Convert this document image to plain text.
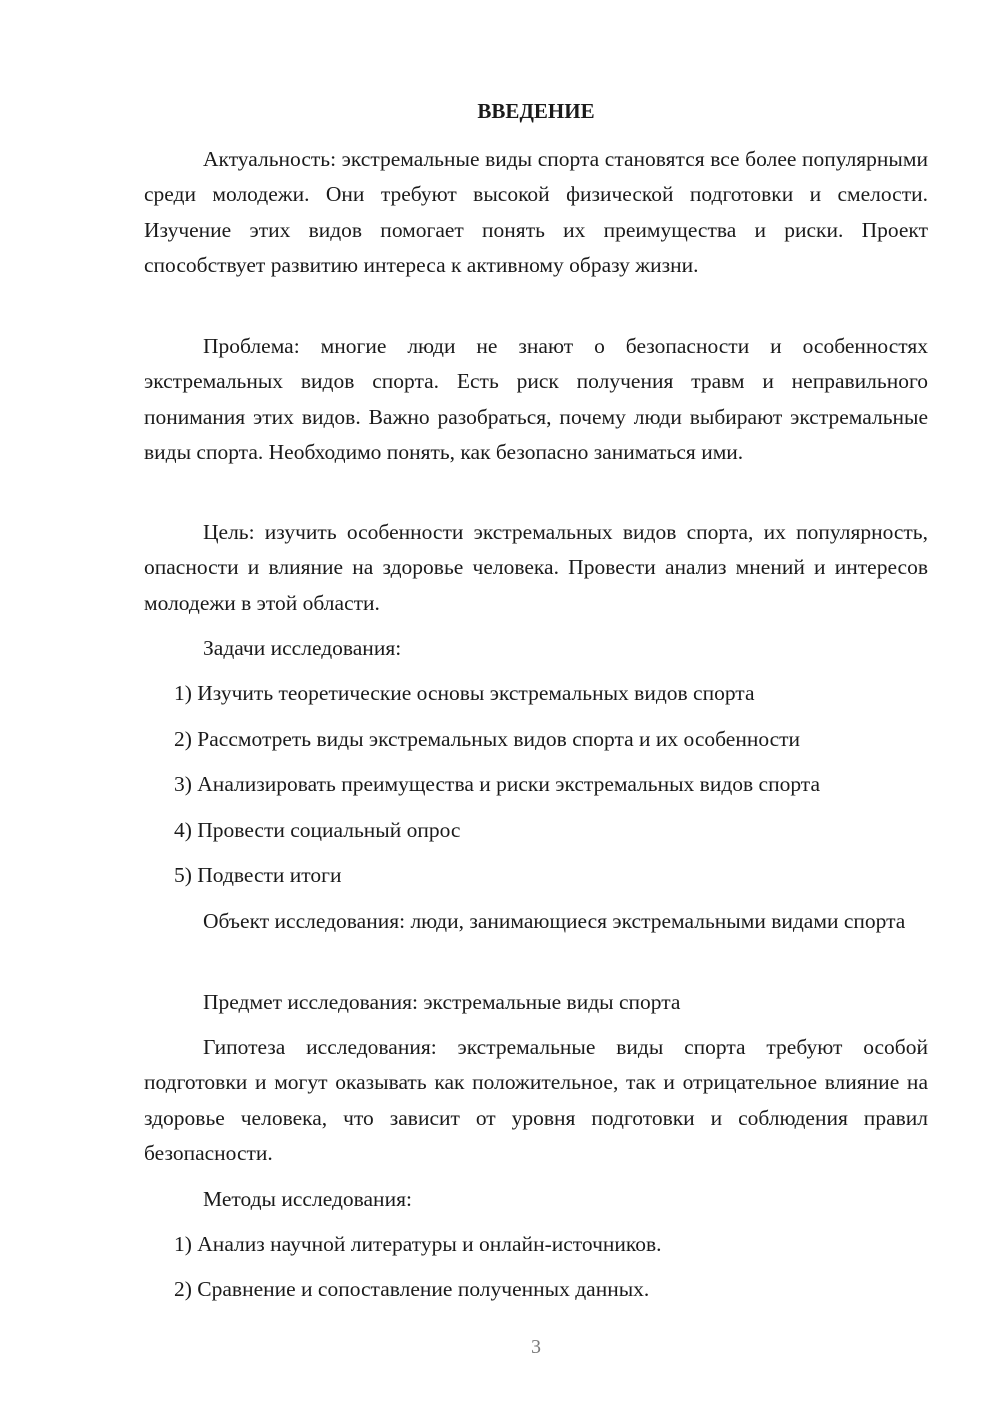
ВВЕДЕНИЕ

Актуальность: экстремальные виды спорта становятся все более популярными среди молодежи. Они требуют высокой физической подготовки и смелости. Изучение этих видов помогает понять их преимущества и риски. Проект способствует развитию интереса к активному образу жизни.

Проблема: многие люди не знают о безопасности и особенностях экстремальных видов спорта. Есть риск получения травм и неправильного понимания этих видов. Важно разобраться, почему люди выбирают экстремальные виды спорта. Необходимо понять, как безопасно заниматься ими.

Цель: изучить особенности экстремальных видов спорта, их популярность, опасности и влияние на здоровье человека. Провести анализ мнений и интересов молодежи в этой области.

Задачи исследования:

1) Изучить теоретические основы экстремальных видов спорта

2) Рассмотреть виды экстремальных видов спорта и их особенности

3) Анализировать преимущества и риски экстремальных видов спорта

4) Провести социальный опрос

5) Подвести итоги

Объект исследования: люди, занимающиеся экстремальными видами спорта

Предмет исследования: экстремальные виды спорта

Гипотеза исследования: экстремальные виды спорта требуют особой подготовки и могут оказывать как положительное, так и отрицательное влияние на здоровье человека, что зависит от уровня подготовки и соблюдения правил безопасности.

Методы исследования:

1) Анализ научной литературы и онлайн-источников.

2) Сравнение и сопоставление полученных данных.

3
